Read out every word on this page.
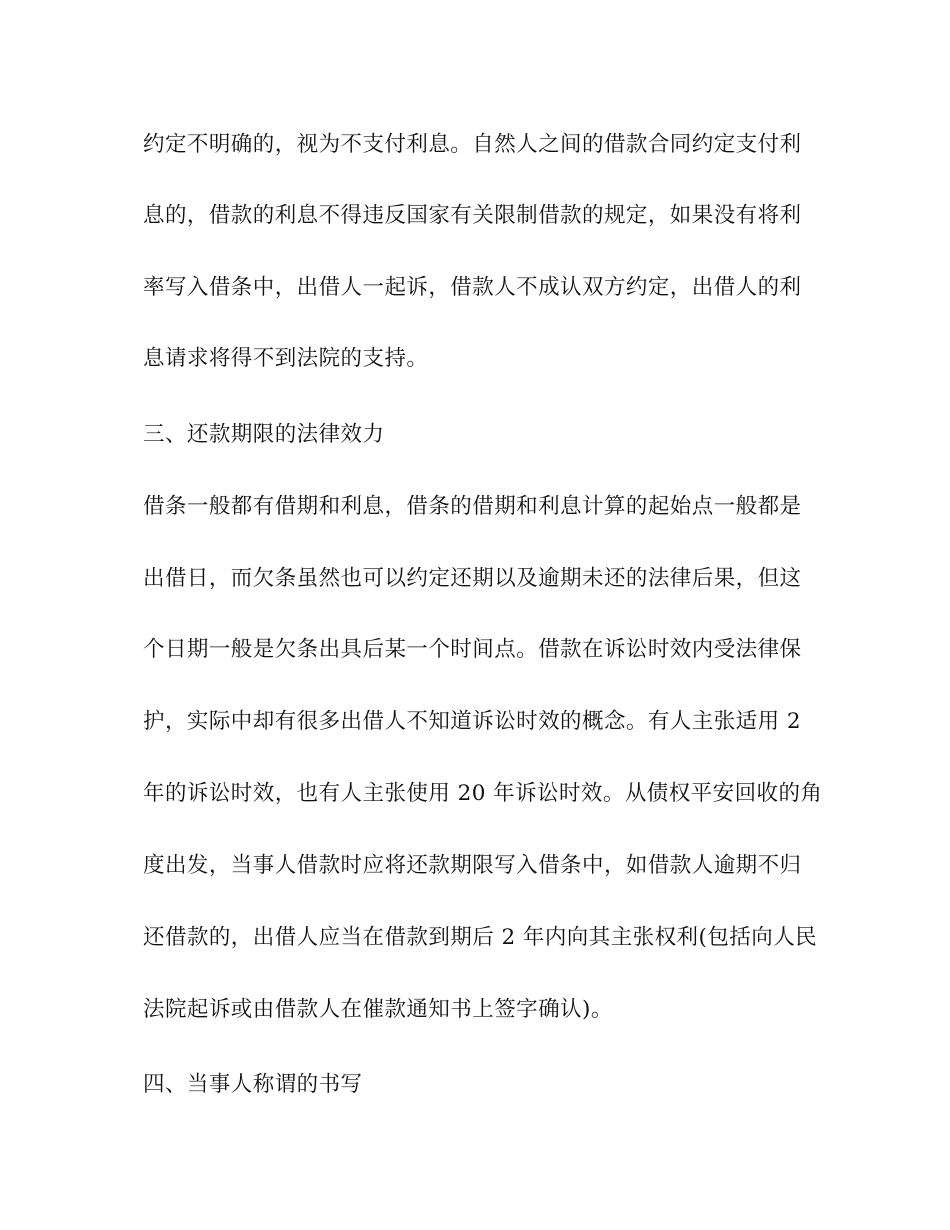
约定不明确的，视为不支付利息。自然人之间的借款合同约定支付利
息的，借款的利息不得违反国家有关限制借款的规定，如果没有将利
率写入借条中，出借人一起诉，借款人不成认双方约定，出借人的利
息请求将得不到法院的支持。
三、还款期限的法律效力
借条一般都有借期和利息，借条的借期和利息计算的起始点一般都是
出借日，而欠条虽然也可以约定还期以及逾期未还的法律后果，但这
个日期一般是欠条出具后某一个时间点。借款在诉讼时效内受法律保
护，实际中却有很多出借人不知道诉讼时效的概念。有人主张适用 2
年的诉讼时效，也有人主张使用 20 年诉讼时效。从债权平安回收的角
度出发，当事人借款时应将还款期限写入借条中，如借款人逾期不归
还借款的，出借人应当在借款到期后 2 年内向其主张权利(包括向人民
法院起诉或由借款人在催款通知书上签字确认)。
四、当事人称谓的书写
